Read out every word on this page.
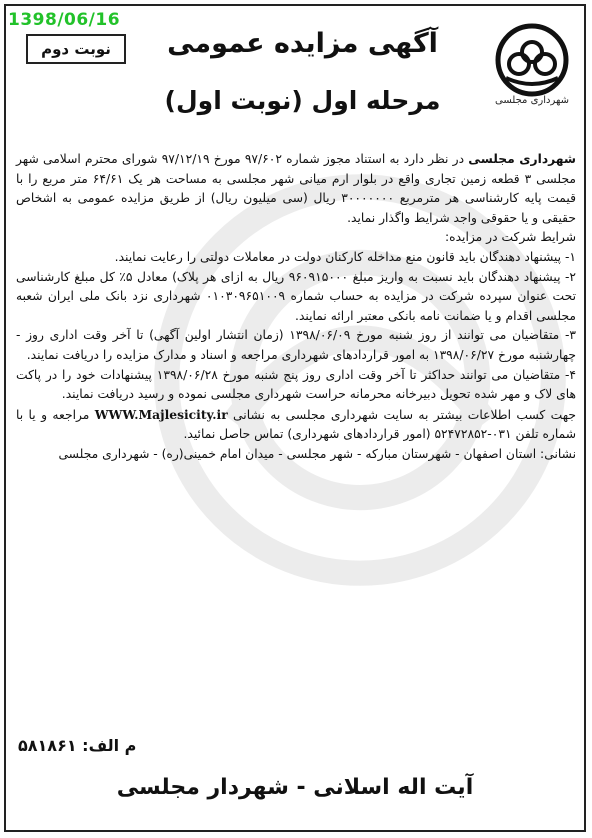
1398/06/16
نوبت دوم
شهرداری مجلسی
آگهی مزایده عمومی
مرحله اول (نوبت اول)

شهرداری مجلسی در نظر دارد به استناد مجوز شماره ۹۷/۶۰۲ مورخ ۹۷/۱۲/۱۹ شورای محترم اسلامی شهر مجلسی ۳ قطعه زمین تجاری واقع در بلوار ارم میانی شهر مجلسی به مساحت هر یک ۶۴/۶۱ متر مربع را با قیمت پایه کارشناسی هر مترمربع ۳۰۰۰۰۰۰۰ ریال (سی میلیون ریال) از طریق مزایده عمومی به اشخاص حقیقی و یا حقوقی واجد شرایط واگذار نماید.

شرایط شرکت در مزایده:

۱- پیشنهاد دهندگان باید قانون منع مداخله کارکنان دولت در معاملات دولتی را رعایت نمایند.

۲- پیشنهاد دهندگان باید نسبت به واریز مبلغ ۹۶۰۹۱۵۰۰۰ ریال به ازای هر پلاک) معادل ۵٪ کل مبلغ کارشناسی تحت عنوان سپرده شرکت در مزایده به حساب شماره ۰۱۰۳۰۹۶۵۱۰۰۹ شهرداری نزد بانک ملی ایران شعبه مجلسی اقدام و یا ضمانت نامه بانکی معتبر ارائه نمایند.

۳- متقاضیان می توانند از روز شنبه مورخ ۱۳۹۸/۰۶/۰۹ (زمان انتشار اولین آگهی) تا آخر وقت اداری روز - چهارشنبه مورخ ۱۳۹۸/۰۶/۲۷ به امور قراردادهای شهرداری مراجعه و اسناد و مدارک مزایده را دریافت نمایند.

۴- متقاضیان می توانند حداکثر تا آخر وقت اداری روز پنج شنبه مورخ ۱۳۹۸/۰۶/۲۸ پیشنهادات خود را در پاکت های لاک و مهر شده تحویل دبیرخانه محرمانه حراست شهرداری مجلسی نموده و رسید دریافت نمایند.

جهت کسب اطلاعات بیشتر به سایت شهرداری مجلسی به نشانی WWW.Majlesicity.ir مراجعه و یا با شماره تلفن ۰۳۱-۵۲۴۷۲۸۵۲ (امور قراردادهای شهرداری) تماس حاصل نمائید.

نشانی: استان اصفهان - شهرستان مبارکه - شهر مجلسی - میدان امام خمینی(ره) - شهرداری مجلسی

م الف: ۵۸۱۸۶۱
آیت اله اسلانی - شهردار مجلسی
